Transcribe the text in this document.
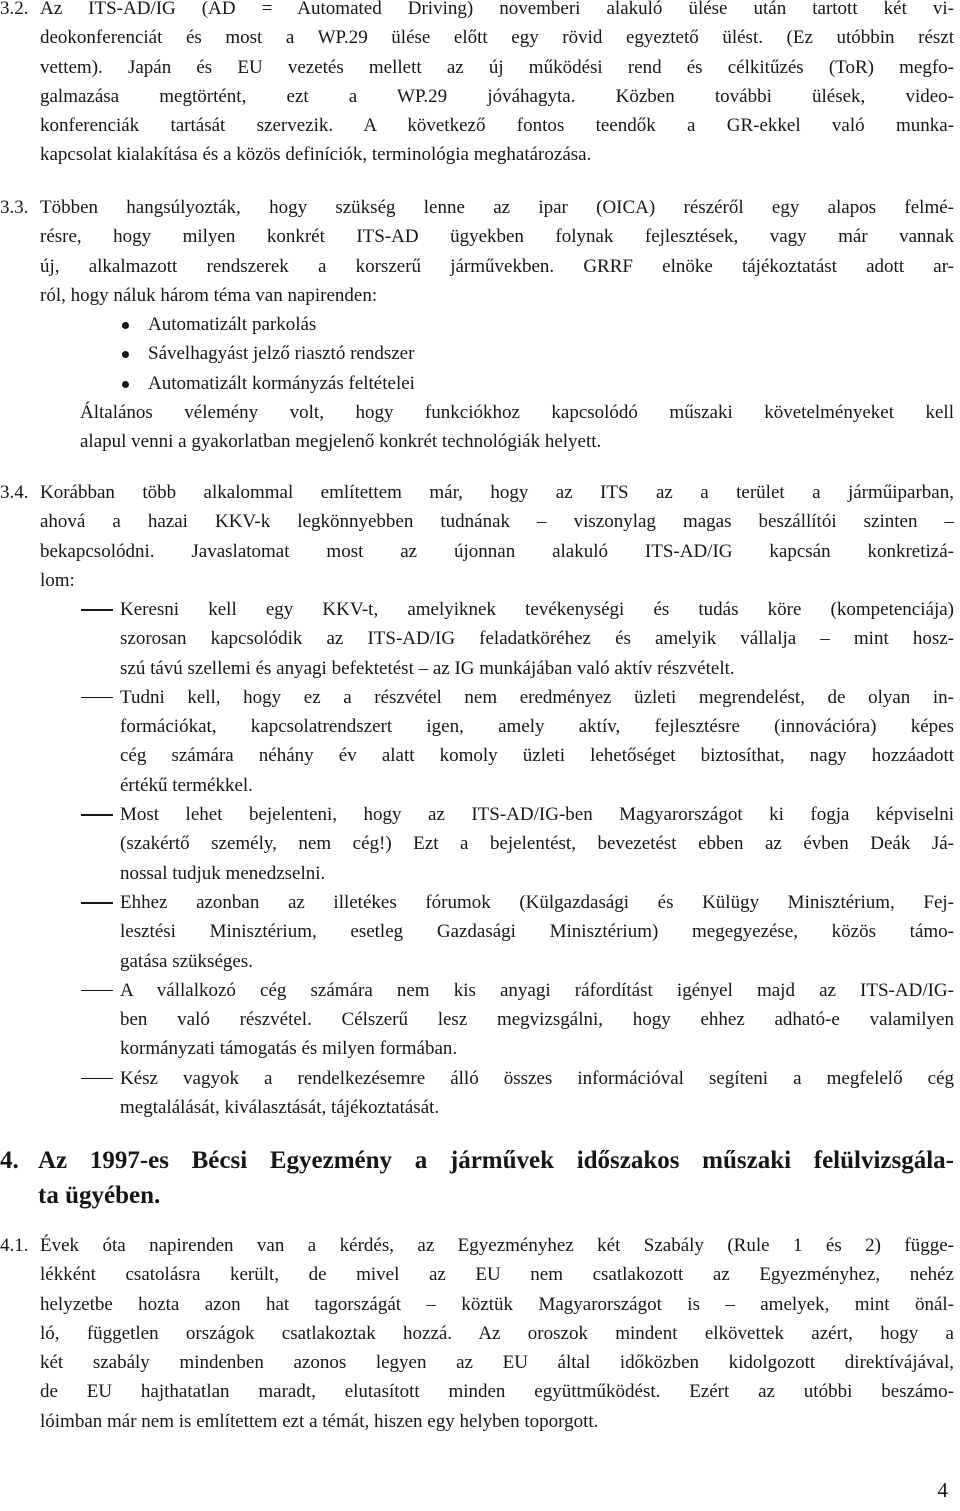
3.2. Az ITS-AD/IG (AD = Automated Driving) novemberi alakuló ülése után tartott két vi-
deokonferenciát és most a WP.29 ülése előtt egy rövid egyeztető ülést. (Ez utóbbin részt
vettem). Japán és EU vezetés mellett az új működési rend és célkitűzés (ToR) megfo-
galmazása megtörtént, ezt a WP.29 jóváhagyta. Közben további ülések, video-
konferenciák tartását szervezik. A következő fontos teendők a GR-ekkel való munka-
kapcsolat kialakítása és a közös definíciók, terminológia meghatározása.
3.3. Többen hangsúlyozták, hogy szükség lenne az ipar (OICA) részéről egy alapos felmé-
résre, hogy milyen konkrét ITS-AD ügyekben folynak fejlesztések, vagy már vannak
új, alkalmazott rendszerek a korszerű járművekben. GRRF elnöke tájékoztatást adott ar-
ról, hogy náluk három téma van napirenden:
Automatizált parkolás
Sávelhagyást jelző riasztó rendszer
Automatizált kormányzás feltételei
Általános vélemény volt, hogy funkciókhoz kapcsolódó műszaki követelményeket kell
alapul venni a gyakorlatban megjelenő konkrét technológiák helyett.
3.4. Korábban több alkalommal említettem már, hogy az ITS az a terület a járműiparban,
ahová a hazai KKV-k legkönnyebben tudnának – viszonylag magas beszállítói szinten –
bekapcsolódni. Javaslatomat most az újonnan alakuló ITS-AD/IG kapcsán konkretizá-
lom:
Keresni kell egy KKV-t, amelyiknek tevékenységi és tudás köre (kompetenciája)
szorosan kapcsolódik az ITS-AD/IG feladatköréhez és amelyik vállalja – mint hosz-
szú távú szellemi és anyagi befektetést – az IG munkájában való aktív részvételt.
Tudni kell, hogy ez a részvétel nem eredményez üzleti megrendelést, de olyan in-
formációkat, kapcsolatrendszert igen, amely aktív, fejlesztésre (innovációra) képes
cég számára néhány év alatt komoly üzleti lehetőséget biztosíthat, nagy hozzáadott
értékű termékkel.
Most lehet bejelenteni, hogy az ITS-AD/IG-ben Magyarországot ki fogja képviselni
(szakértő személy, nem cég!) Ezt a bejelentést, bevezetést ebben az évben Deák Já-
nossal tudjuk menedzselni.
Ehhez azonban az illetékes fórumok (Külgazdasági és Külügy Minisztérium, Fej-
lesztési Minisztérium, esetleg Gazdasági Minisztérium) megegyezése, közös támo-
gatása szükséges.
A vállalkozó cég számára nem kis anyagi ráfordítást igényel majd az ITS-AD/IG-
ben való részvétel. Célszerű lesz megvizsgálni, hogy ehhez adható-e valamilyen
kormányzati támogatás és milyen formában.
Kész vagyok a rendelkezésemre álló összes információval segíteni a megfelelő cég
megtalálását, kiválasztását, tájékoztatását.
4. Az 1997-es Bécsi Egyezmény a járművek időszakos műszaki felülvizsgála-
ta ügyében.
4.1. Évek óta napirenden van a kérdés, az Egyezményhez két Szabály (Rule 1 és 2) függe-
lékként csatolásra került, de mivel az EU nem csatlakozott az Egyezményhez, nehéz
helyzetbe hozta azon hat tagországát – köztük Magyarországot is – amelyek, mint önál-
ló, független országok csatlakoztak hozzá. Az oroszok mindent elkövettek azért, hogy a
két szabály mindenben azonos legyen az EU által időközben kidolgozott direktívájával,
de EU hajthatatlan maradt, elutasított minden együttműködést. Ezért az utóbbi beszámo-
lóimban már nem is említettem ezt a témát, hiszen egy helyben toporgott.
4
